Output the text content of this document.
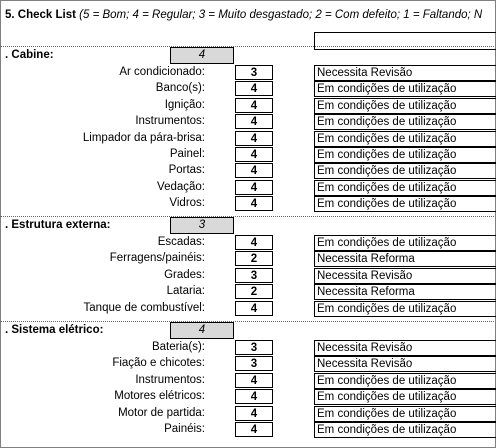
5. Check List (5 = Bom; 4 = Regular; 3 = Muito desgastado; 2 = Com defeito; 1 = Faltando; N
. Cabine:	4
Ar condicionado:	3	Necessita Revisão
Banco(s):	4	Em condições de utilização
Ignição:	4	Em condições de utilização
Instrumentos:	4	Em condições de utilização
Limpador da pára-brisa:	4	Em condições de utilização
Painel:	4	Em condições de utilização
Portas:	4	Em condições de utilização
Vedação:	4	Em condições de utilização
Vidros:	4	Em condições de utilização
. Estrutura externa:	3
Escadas:	4	Em condições de utilização
Ferragens/painéis:	2	Necessita Reforma
Grades:	3	Necessita Revisão
Lataria:	2	Necessita Reforma
Tanque de combustível:	4	Em condições de utilização
. Sistema elétrico:	4
Bateria(s):	3	Necessita Revisão
Fiação e chicotes:	3	Necessita Revisão
Instrumentos:	4	Em condições de utilização
Motores elétricos:	4	Em condições de utilização
Motor de partida:	4	Em condições de utilização
Painéis:	4	Em condições de utilização
